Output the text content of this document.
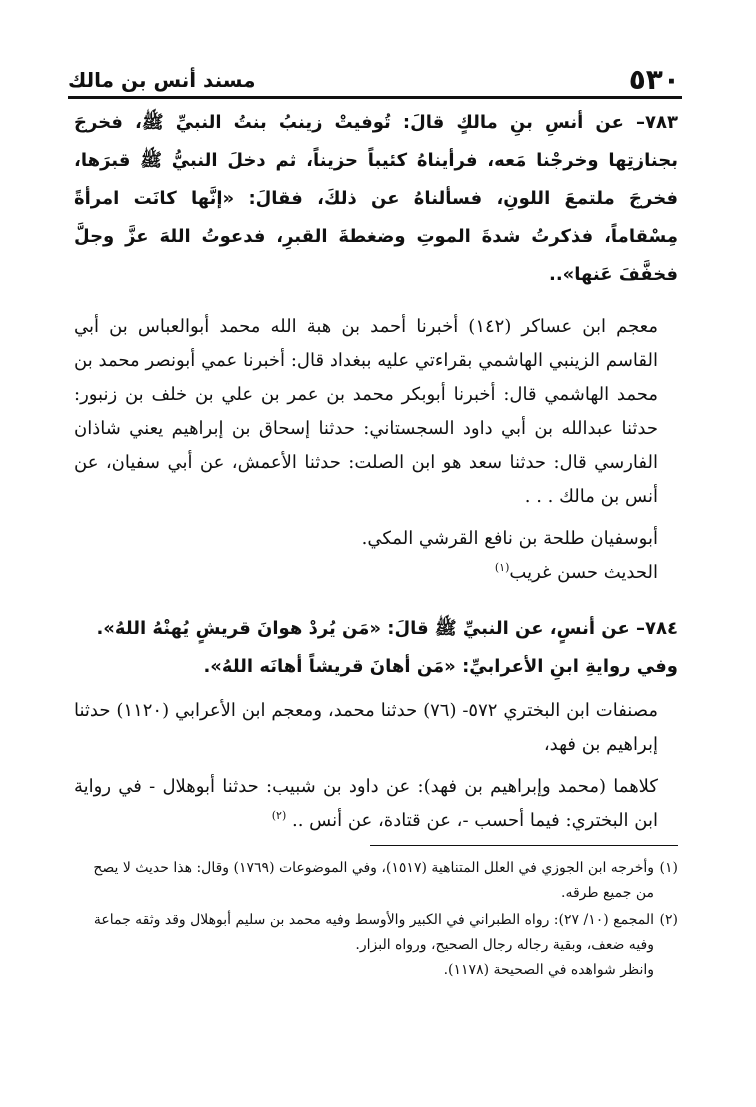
٥٣٠
مسند أنس بن مالك

٧٨٣– عن أنسِ بنِ مالكٍ قالَ: تُوفيتْ زينبُ بنتُ النبيِّ ﷺ، فخرجَ بجنازتِها وخرجْنا مَعه، فرأيناهُ كئيباً حزيناً، ثم دخلَ النبيُّ ﷺ قبرَها، فخرجَ ملتمعَ اللونِ، فسألناهُ عن ذلكَ، فقالَ: «إنَّها كانَت امرأةً مِسْقاماً، فذكرتُ شدةَ الموتِ وضغطةَ القبرِ، فدعوتُ اللهَ عزَّ وجلَّ فخفَّفَ عَنها»..

معجم ابن عساكر (١٤٢) أخبرنا أحمد بن هبة الله محمد أبوالعباس بن أبي القاسم الزينبي الهاشمي بقراءتي عليه ببغداد قال: أخبرنا عمي أبونصر محمد بن محمد الهاشمي قال: أخبرنا أبوبكر محمد بن عمر بن علي بن خلف بن زنبور: حدثنا عبدالله بن أبي داود السجستاني: حدثنا إسحاق بن إبراهيم يعني شاذان الفارسي قال: حدثنا سعد هو ابن الصلت: حدثنا الأعمش، عن أبي سفيان، عن أنس بن مالك . . .

أبوسفيان طلحة بن نافع القرشي المكي.

الحديث حسن غريب$^{(١)}$

٧٨٤– عن أنسٍ، عن النبيِّ ﷺ قالَ: «مَن يُردْ هوانَ قريشٍ يُهنْهُ اللهُ».

وفي روايةِ ابنِ الأعرابيِّ: «مَن أهانَ قريشاً أهانَه اللهُ».

مصنفات ابن البختري ٥٧٢- (٧٦) حدثنا محمد، ومعجم ابن الأعرابي (١١٢٠) حدثنا إبراهيم بن فهد،

كلاهما (محمد وإبراهيم بن فهد): عن داود بن شبيب: حدثنا أبوهلال - في رواية ابن البختري: فيما أحسب -، عن قتادة، عن أنس .. $^{(٢)}$

(١)
وأخرجه ابن الجوزي في العلل المتناهية (١٥١٧)، وفي الموضوعات (١٧٦٩) وقال: هذا حديث لا يصح من جميع طرقه.

(٢)
المجمع (١٠/ ٢٧): رواه الطبراني في الكبير والأوسط وفيه محمد بن سليم أبوهلال وقد وثقه جماعة وفيه ضعف، وبقية رجاله رجال الصحيح، ورواه البزار.
وانظر شواهده في الصحيحة (١١٧٨).
